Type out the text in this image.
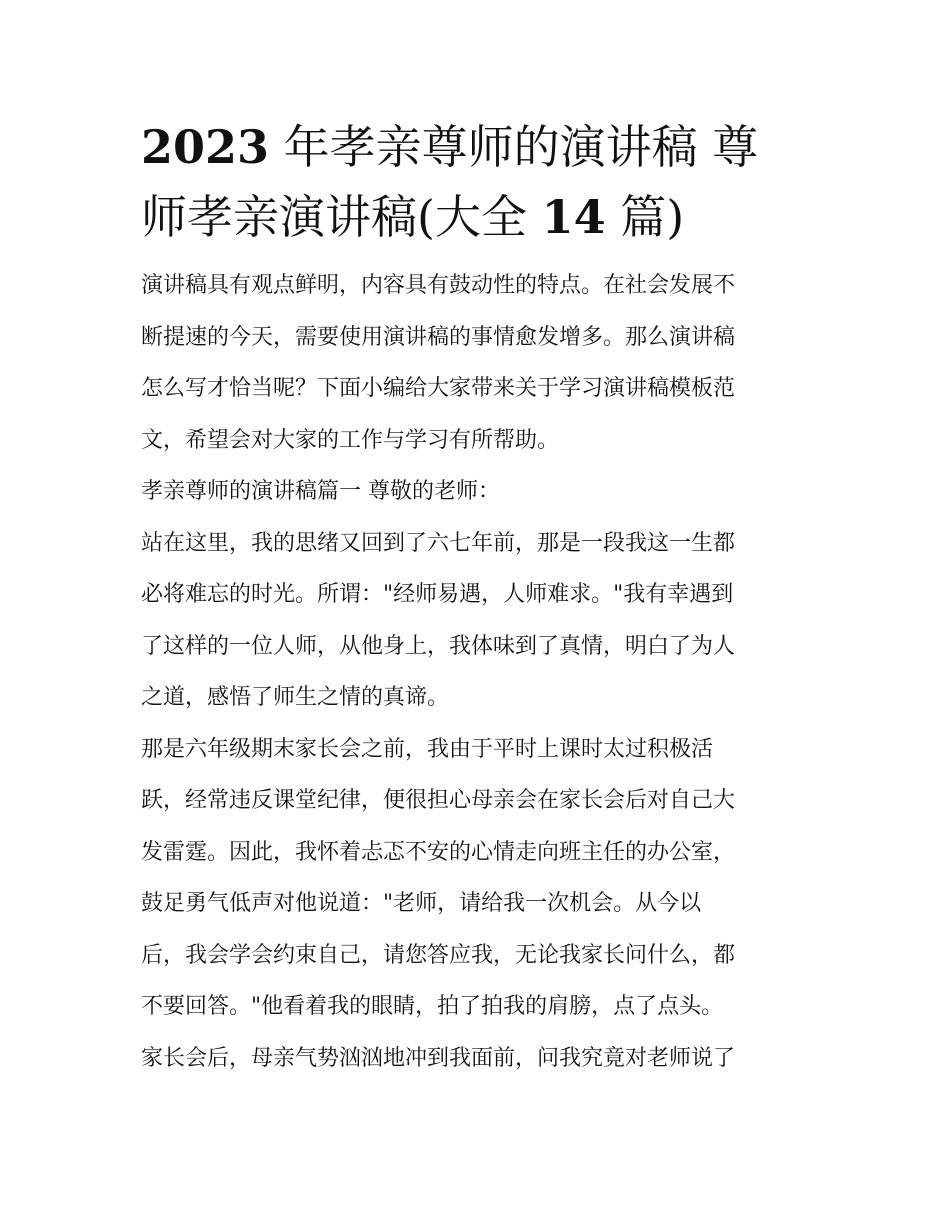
2023 年孝亲尊师的演讲稿 尊
师孝亲演讲稿(大全 14 篇)

演讲稿具有观点鲜明，内容具有鼓动性的特点。在社会发展不
断提速的今天，需要使用演讲稿的事情愈发增多。那么演讲稿
怎么写才恰当呢？下面小编给大家带来关于学习演讲稿模板范
文，希望会对大家的工作与学习有所帮助。

孝亲尊师的演讲稿篇一 尊敬的老师：

站在这里，我的思绪又回到了六七年前，那是一段我这一生都
必将难忘的时光。所谓："经师易遇，人师难求。"我有幸遇到
了这样的一位人师，从他身上，我体味到了真情，明白了为人
之道，感悟了师生之情的真谛。

那是六年级期末家长会之前，我由于平时上课时太过积极活
跃，经常违反课堂纪律，便很担心母亲会在家长会后对自己大
发雷霆。因此，我怀着忐忑不安的心情走向班主任的办公室，
鼓足勇气低声对他说道："老师，请给我一次机会。从今以
后，我会学会约束自己，请您答应我，无论我家长问什么，都
不要回答。"他看着我的眼睛，拍了拍我的肩膀，点了点头。

家长会后，母亲气势汹汹地冲到我面前，问我究竟对老师说了
